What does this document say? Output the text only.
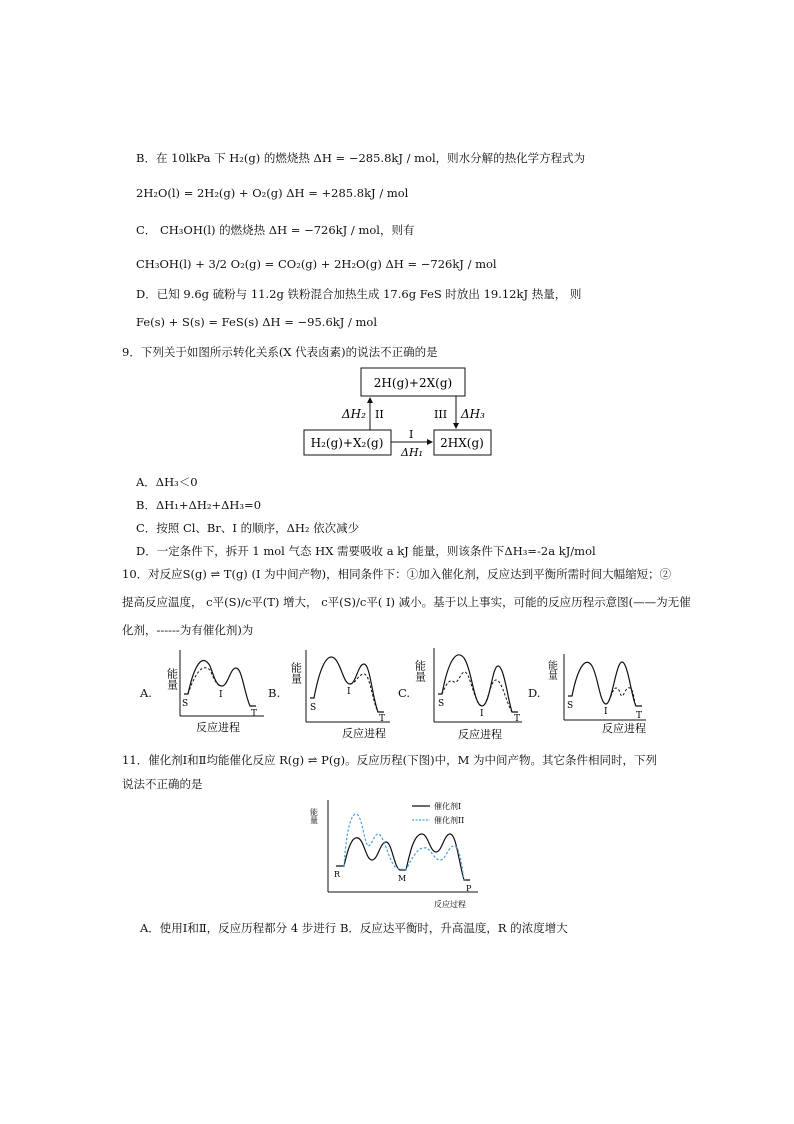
B．在 10lkPa 下 H₂(g) 的燃烧热 ΔH = −285.8kJ / mol，则水分解的热化学方程式为
2H₂O(l) = 2H₂(g) + O₂(g) ΔH = +285.8kJ / mol
C． CH₃OH(l) 的燃烧热 ΔH = −726kJ / mol，则有
CH₃OH(l) + 3/2 O₂(g) = CO₂(g) + 2H₂O(g) ΔH = −726kJ / mol
D．已知 9.6g 硫粉与 11.2g 铁粉混合加热生成 17.6g FeS 时放出 19.12kJ 热量， 则
Fe(s) + S(s) = FeS(s) ΔH = −95.6kJ / mol
9．下列关于如图所示转化关系(X 代表卤素)的说法不正确的是
2H(g)+2X(g)
H₂(g)+X₂(g)	2HX(g)
ΔH₂ II	III ΔH₃
I
ΔH₁
A．ΔH₃＜0
B．ΔH₁+ΔH₂+ΔH₃=0
C．按照 Cl、Br、I 的顺序，ΔH₂ 依次减少
D．一定条件下，拆开 1 mol 气态 HX 需要吸收 a kJ 能量，则该条件下ΔH₃=-2a kJ/mol
10．对反应S(g) ⇌ T(g) (I 为中间产物)，相同条件下：①加入催化剂，反应达到平衡所需时间大幅缩短；②
提高反应温度， c平(S)/c平(T) 增大， c平(S)/c平( I) 减小。基于以上事实，可能的反应历程示意图(——为无催
化剂，------为有催化剂)为
A.
能量
S
I
T
反应进程
B.
能量
S
I
T
反应进程
C.
能量
S
I	T
反应进程
D.
能量
S
I	T
反应进程
11．催化剂Ⅰ和Ⅱ均能催化反应 R(g) ⇌ P(g)。反应历程(下图)中，M 为中间产物。其它条件相同时，下列
说法不正确的是
能量
催化剂I
催化剂II
R	M
P
反应过程
A．使用Ⅰ和Ⅱ，反应历程都分 4 步进行 B．反应达平衡时，升高温度，R 的浓度增大
